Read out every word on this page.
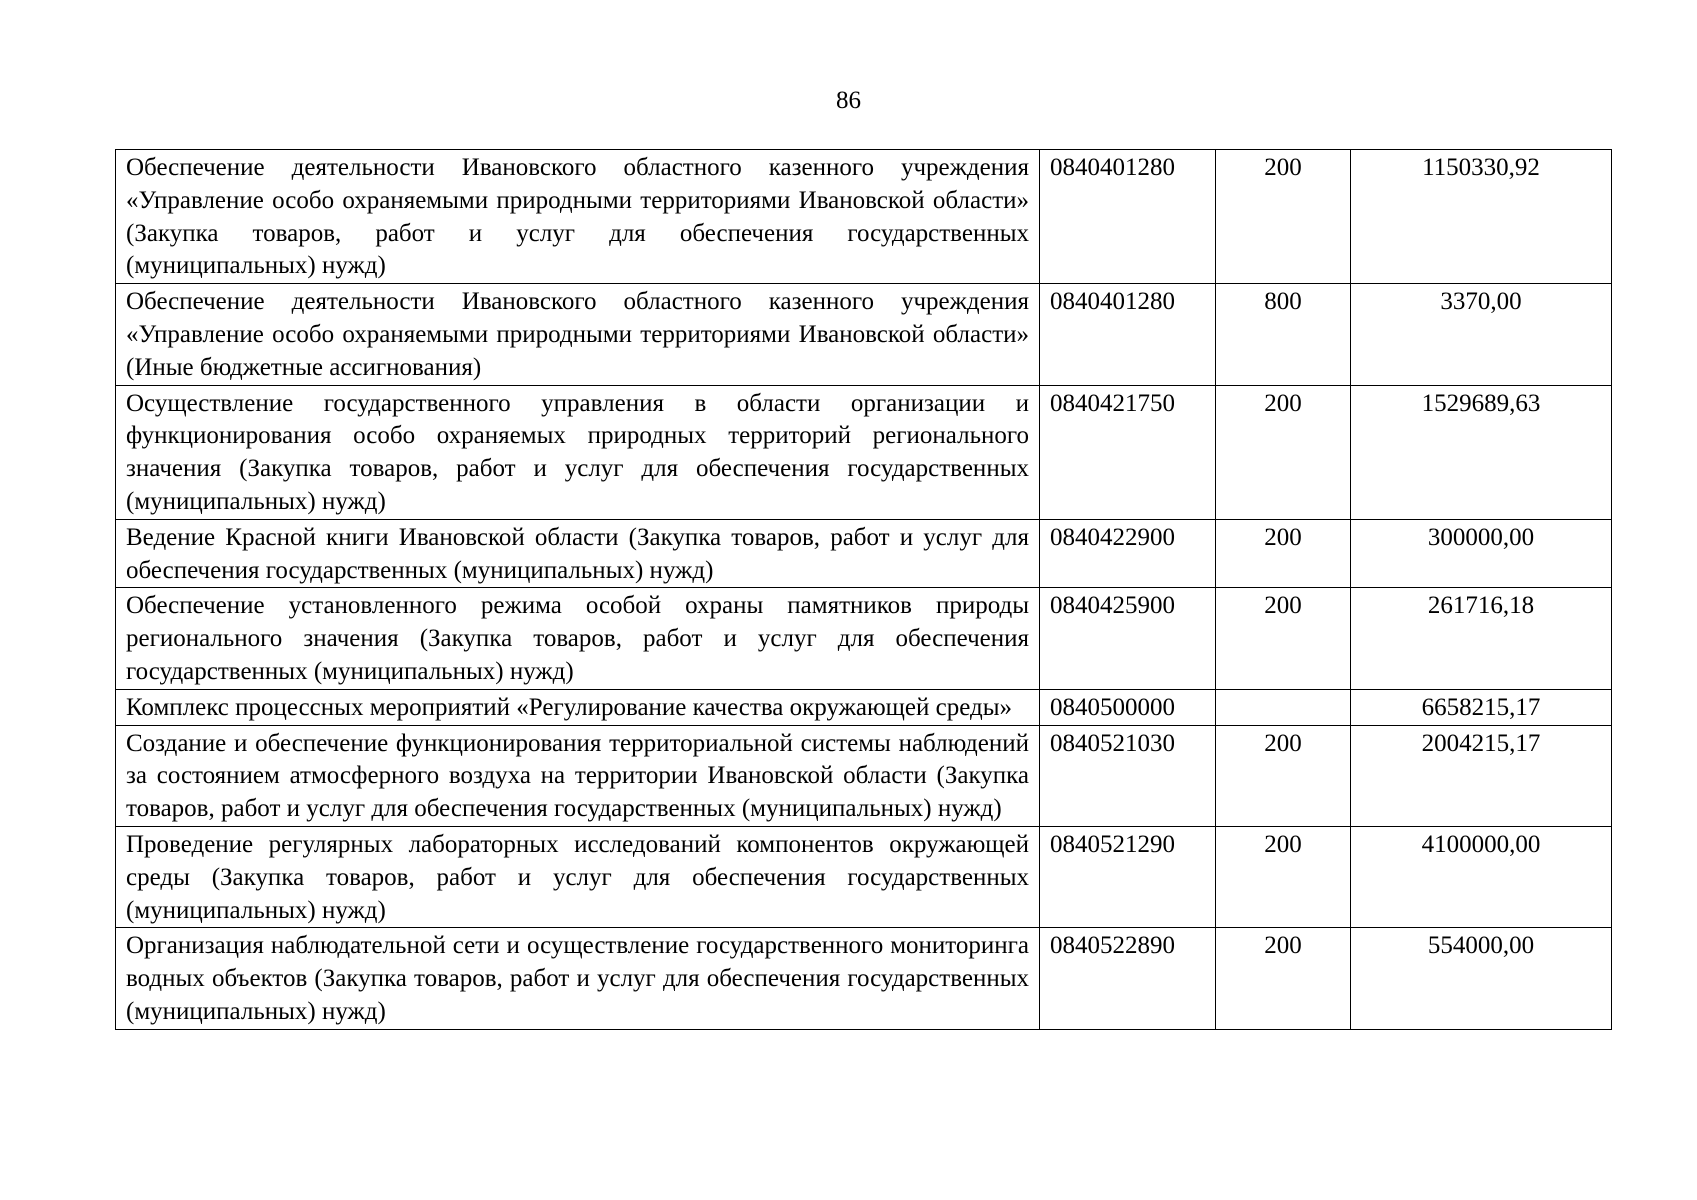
86
Обеспечение деятельности Ивановского областного казенного учреждения «Управление особо охраняемыми природными территориями Ивановской области» (Закупка товаров, работ и услуг для обеспечения государственных (муниципальных) нужд)	0840401280	200	1150330,92
Обеспечение деятельности Ивановского областного казенного учреждения «Управление особо охраняемыми природными территориями Ивановской области» (Иные бюджетные ассигнования)	0840401280	800	3370,00
Осуществление государственного управления в области организации и функционирования особо охраняемых природных территорий регионального значения (Закупка товаров, работ и услуг для обеспечения государственных (муниципальных) нужд)	0840421750	200	1529689,63
Ведение Красной книги Ивановской области (Закупка товаров, работ и услуг для обеспечения государственных (муниципальных) нужд)	0840422900	200	300000,00
Обеспечение установленного режима особой охраны памятников природы регионального значения (Закупка товаров, работ и услуг для обеспечения государственных (муниципальных) нужд)	0840425900	200	261716,18
Комплекс процессных мероприятий «Регулирование качества окружающей среды»	0840500000		6658215,17
Создание и обеспечение функционирования территориальной системы наблюдений за состоянием атмосферного воздуха на территории Ивановской области (Закупка товаров, работ и услуг для обеспечения государственных (муниципальных) нужд)	0840521030	200	2004215,17
Проведение регулярных лабораторных исследований компонентов окружающей среды (Закупка товаров, работ и услуг для обеспечения государственных (муниципальных) нужд)	0840521290	200	4100000,00
Организация наблюдательной сети и осуществление государственного мониторинга водных объектов (Закупка товаров, работ и услуг для обеспечения государственных (муниципальных) нужд)	0840522890	200	554000,00
